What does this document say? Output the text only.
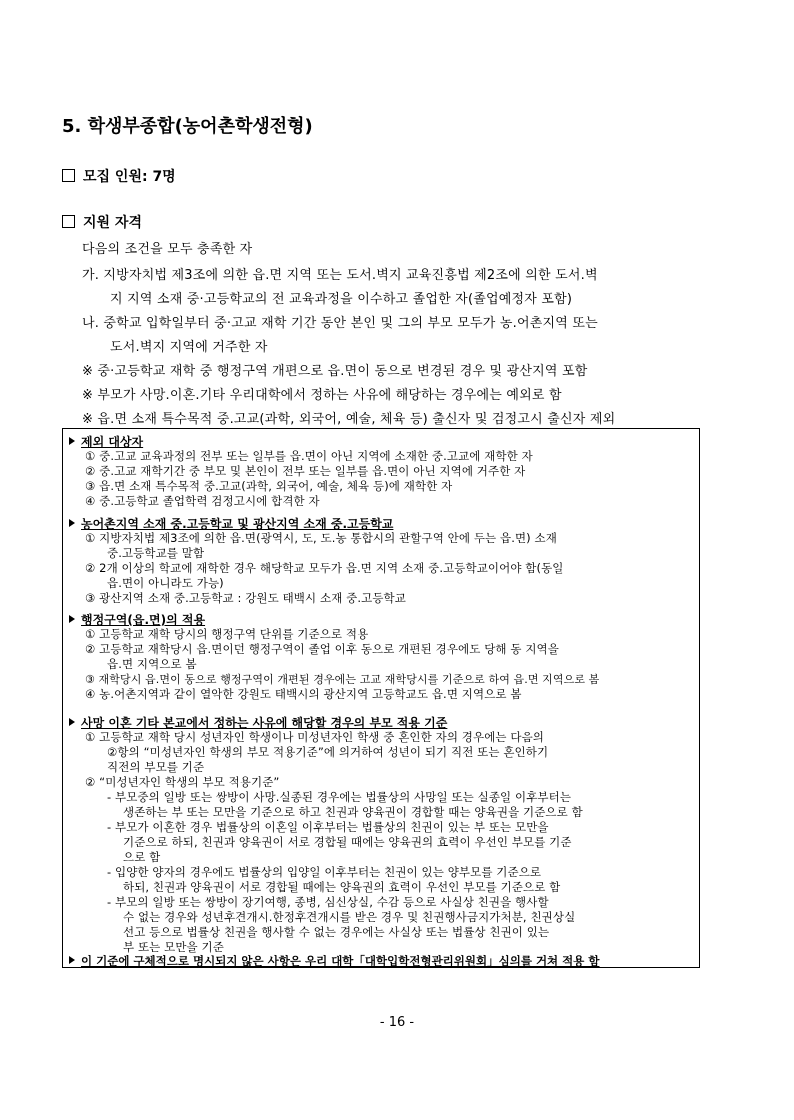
5. 학생부종합(농어촌학생전형)
모집 인원: 7명
지원 자격
다음의 조건을 모두 충족한 자
가. 지방자치법 제3조에 의한 읍.면 지역 또는 도서.벽지 교육진흥법 제2조에 의한 도서.벽
지 지역 소재 중·고등학교의 전 교육과정을 이수하고 졸업한 자(졸업예정자 포함)
나. 중학교 입학일부터 중·고교 재학 기간 동안 본인 및 그의 부모 모두가 농.어촌지역 또는
도서.벽지 지역에 거주한 자
※ 중·고등학교 재학 중 행정구역 개편으로 읍.면이 동으로 변경된 경우 및 광산지역 포함
※ 부모가 사망.이혼.기타 우리대학에서 정하는 사유에 해당하는 경우에는 예외로 함
※ 읍.면 소재 특수목적 중.고교(과학, 외국어, 예술, 체육 등) 출신자 및 검정고시 출신자 제외
제외 대상자
① 중.고교 교육과정의 전부 또는 일부를 읍.면이 아닌 지역에 소재한 중.고교에 재학한 자
② 중.고교 재학기간 중 부모 및 본인이 전부 또는 일부를 읍.면이 아닌 지역에 거주한 자
③ 읍.면 소재 특수목적 중.고교(과학, 외국어, 예술, 체육 등)에 재학한 자
④ 중.고등학교 졸업학력 검정고시에 합격한 자
농어촌지역 소재 중.고등학교 및 광산지역 소재 중.고등학교
① 지방자치법 제3조에 의한 읍.면(광역시, 도, 도.농 통합시의 관할구역 안에 두는 읍.면) 소재
중.고등학교를 말함
② 2개 이상의 학교에 재학한 경우 해당학교 모두가 읍.면 지역 소재 중.고등학교이어야 함(동일
읍.면이 아니라도 가능)
③ 광산지역 소재 중.고등학교 : 강원도 태백시 소재 중.고등학교
행정구역(읍.면)의 적용
① 고등학교 재학 당시의 행정구역 단위를 기준으로 적용
② 고등학교 재학당시 읍.면이던 행정구역이 졸업 이후 동으로 개편된 경우에도 당해 동 지역을
읍.면 지역으로 봄
③ 재학당시 읍.면이 동으로 행정구역이 개편된 경우에는 고교 재학당시를 기준으로 하여 읍.면 지역으로 봄
④ 농.어촌지역과 같이 열악한 강원도 태백시의 광산지역 고등학교도 읍.면 지역으로 봄
사망 이혼 기타 본교에서 정하는 사유에 해당할 경우의 부모 적용 기준
① 고등학교 재학 당시 성년자인 학생이나 미성년자인 학생 중 혼인한 자의 경우에는 다음의
②항의 “미성년자인 학생의 부모 적용기준”에 의거하여 성년이 되기 직전 또는 혼인하기
직전의 부모를 기준
② “미성년자인 학생의 부모 적용기준”
- 부모중의 일방 또는 쌍방이 사망.실종된 경우에는 법률상의 사망일 또는 실종일 이후부터는
생존하는 부 또는 모만을 기준으로 하고 친권과 양육권이 경합할 때는 양육권을 기준으로 함
- 부모가 이혼한 경우 법률상의 이혼일 이후부터는 법률상의 친권이 있는 부 또는 모만을
기준으로 하되, 친권과 양육권이 서로 경합될 때에는 양육권의 효력이 우선인 부모를 기준
으로 함
- 입양한 양자의 경우에도 법률상의 입양일 이후부터는 친권이 있는 양부모를 기준으로
하되, 친권과 양육권이 서로 경합될 때에는 양육권의 효력이 우선인 부모를 기준으로 함
- 부모의 일방 또는 쌍방이 장기여행, 종병, 심신상실, 수감 등으로 사실상 친권을 행사할
수 없는 경우와 성년후견개시.한정후견개시를 받은 경우 및 친권행사금지가처분, 친권상실
선고 등으로 법률상 친권을 행사할 수 없는 경우에는 사실상 또는 법률상 친권이 있는
부 또는 모만을 기준
이 기준에 구체적으로 명시되지 않은 사항은 우리 대학「대학입학전형관리위원회」심의를 거쳐 적용 함
- 16 -
